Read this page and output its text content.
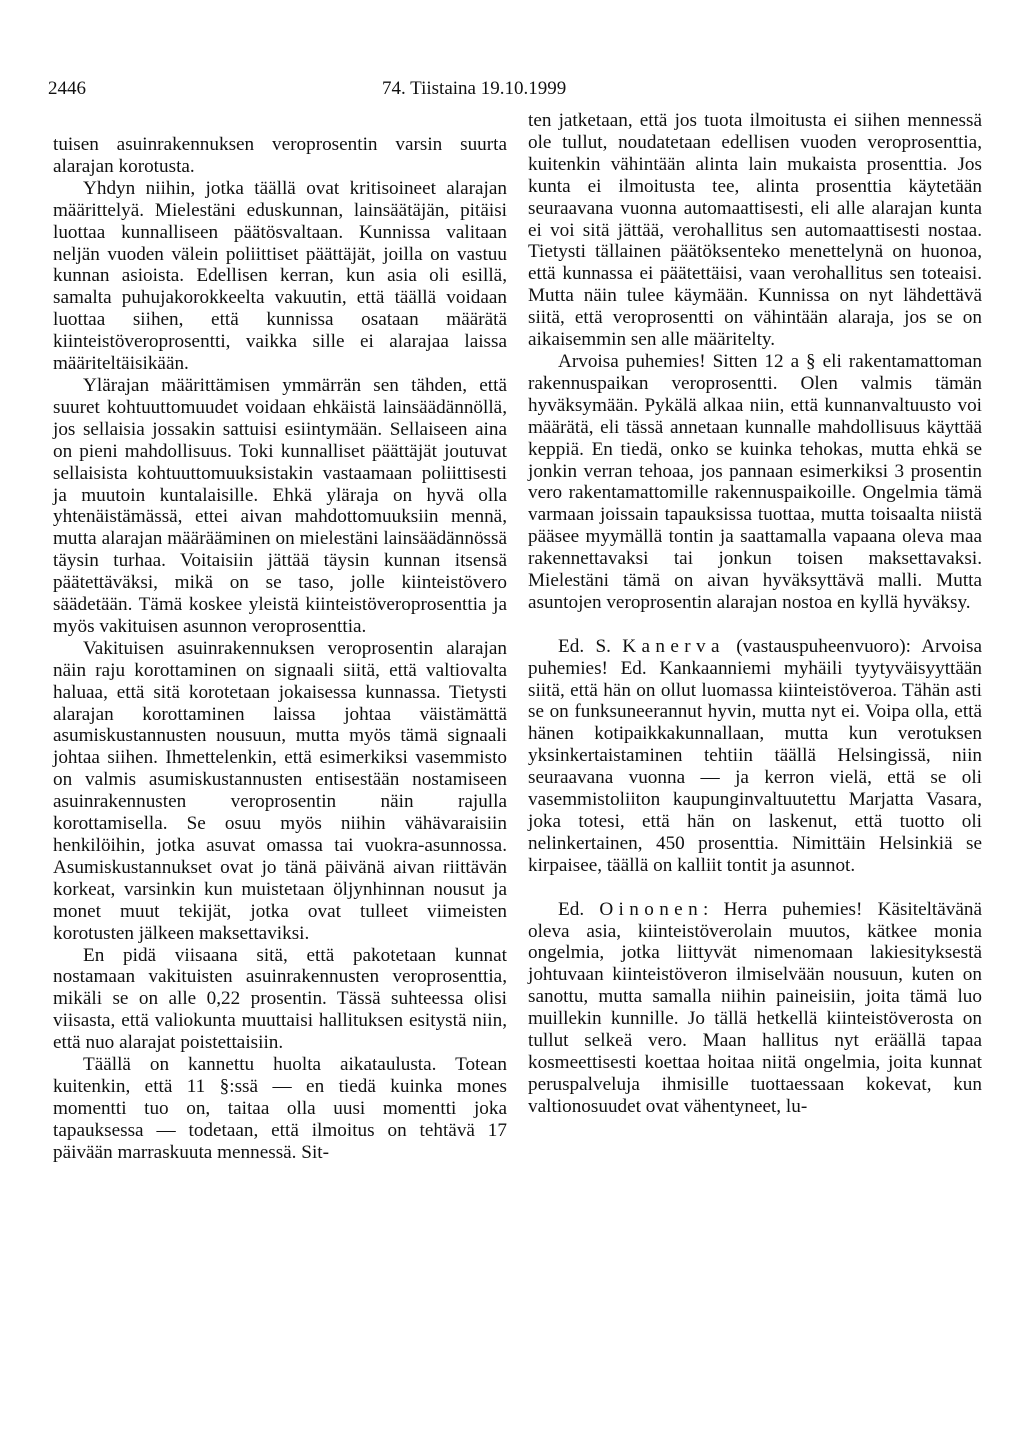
2446	74. Tiistaina 19.10.1999

tuisen asuinrakennuksen veroprosentin varsin suurta alarajan korotusta.

Yhdyn niihin, jotka täällä ovat kritisoineet alarajan määrittelyä. Mielestäni eduskunnan, lainsäätäjän, pitäisi luottaa kunnalliseen päätösvaltaan. Kunnissa valitaan neljän vuoden välein poliittiset päättäjät, joilla on vastuu kunnan asioista. Edellisen kerran, kun asia oli esillä, samalta puhujakorokkeelta vakuutin, että täällä voidaan luottaa siihen, että kunnissa osataan määrätä kiinteistöveroprosentti, vaikka sille ei alarajaa laissa määriteltäisikään.

Ylärajan määrittämisen ymmärrän sen tähden, että suuret kohtuuttomuudet voidaan ehkäistä lainsäädännöllä, jos sellaisia jossakin sattuisi esiintymään. Sellaiseen aina on pieni mahdollisuus. Toki kunnalliset päättäjät joutuvat sellaisista kohtuuttomuuksistakin vastaamaan poliittisesti ja muutoin kuntalaisille. Ehkä yläraja on hyvä olla yhtenäistämässä, ettei aivan mahdottomuuksiin mennä, mutta alarajan määrääminen on mielestäni lainsäädännössä täysin turhaa. Voitaisiin jättää täysin kunnan itsensä päätettäväksi, mikä on se taso, jolle kiinteistövero säädetään. Tämä koskee yleistä kiinteistöveroprosenttia ja myös vakituisen asunnon veroprosenttia.

Vakituisen asuinrakennuksen veroprosentin alarajan näin raju korottaminen on signaali siitä, että valtiovalta haluaa, että sitä korotetaan jokaisessa kunnassa. Tietysti alarajan korottaminen laissa johtaa väistämättä asumiskustannusten nousuun, mutta myös tämä signaali johtaa siihen. Ihmettelenkin, että esimerkiksi vasemmisto on valmis asumiskustannusten entisestään nostamiseen asuinrakennusten veroprosentin näin rajulla korottamisella. Se osuu myös niihin vähävaraisiin henkilöihin, jotka asuvat omassa tai vuokra-asunnossa. Asumiskustannukset ovat jo tänä päivänä aivan riittävän korkeat, varsinkin kun muistetaan öljynhinnan nousut ja monet muut tekijät, jotka ovat tulleet viimeisten korotusten jälkeen maksettaviksi.

En pidä viisaana sitä, että pakotetaan kunnat nostamaan vakituisten asuinrakennusten veroprosenttia, mikäli se on alle 0,22 prosentin. Tässä suhteessa olisi viisasta, että valiokunta muuttaisi hallituksen esitystä niin, että nuo alarajat poistettaisiin.

Täällä on kannettu huolta aikataulusta. Totean kuitenkin, että 11 §:ssä — en tiedä kuinka mones momentti tuo on, taitaa olla uusi momentti joka tapauksessa — todetaan, että ilmoitus on tehtävä 17 päivään marraskuuta mennessä. Sit-

ten jatketaan, että jos tuota ilmoitusta ei siihen mennessä ole tullut, noudatetaan edellisen vuoden veroprosenttia, kuitenkin vähintään alinta lain mukaista prosenttia. Jos kunta ei ilmoitusta tee, alinta prosenttia käytetään seuraavana vuonna automaattisesti, eli alle alarajan kunta ei voi sitä jättää, verohallitus sen automaattisesti nostaa. Tietysti tällainen päätöksenteko menettelynä on huonoa, että kunnassa ei päätettäisi, vaan verohallitus sen toteaisi. Mutta näin tulee käymään. Kunnissa on nyt lähdettävä siitä, että veroprosentti on vähintään alaraja, jos se on aikaisemmin sen alle määritelty.

Arvoisa puhemies! Sitten 12 a § eli rakentamattoman rakennuspaikan veroprosentti. Olen valmis tämän hyväksymään. Pykälä alkaa niin, että kunnanvaltuusto voi määrätä, eli tässä annetaan kunnalle mahdollisuus käyttää keppiä. En tiedä, onko se kuinka tehokas, mutta ehkä se jonkin verran tehoaa, jos pannaan esimerkiksi 3 prosentin vero rakentamattomille rakennuspaikoille. Ongelmia tämä varmaan joissain tapauksissa tuottaa, mutta toisaalta niistä pääsee myymällä tontin ja saattamalla vapaana oleva maa rakennettavaksi tai jonkun toisen maksettavaksi. Mielestäni tämä on aivan hyväksyttävä malli. Mutta asuntojen veroprosentin alarajan nostoa en kyllä hyväksy.

Ed. S. Kanerva (vastauspuheenvuoro): Arvoisa puhemies! Ed. Kankaanniemi myhäili tyytyväisyyttään siitä, että hän on ollut luomassa kiinteistöveroa. Tähän asti se on funksuneerannut hyvin, mutta nyt ei. Voipa olla, että hänen kotipaikkakunnallaan, mutta kun verotuksen yksinkertaistaminen tehtiin täällä Helsingissä, niin seuraavana vuonna — ja kerron vielä, että se oli vasemmistoliiton kaupunginvaltuutettu Marjatta Vasara, joka totesi, että hän on laskenut, että tuotto oli nelinkertainen, 450 prosenttia. Nimittäin Helsinkiä se kirpaisee, täällä on kalliit tontit ja asunnot.

Ed. Oinonen: Herra puhemies! Käsiteltävänä oleva asia, kiinteistöverolain muutos, kätkee monia ongelmia, jotka liittyvät nimenomaan lakiesityksestä johtuvaan kiinteistöveron ilmiselvään nousuun, kuten on sanottu, mutta samalla niihin paineisiin, joita tämä luo muillekin kunnille. Jo tällä hetkellä kiinteistöverosta on tullut selkeä vero. Maan hallitus nyt eräällä tapaa kosmeettisesti koettaa hoitaa niitä ongelmia, joita kunnat peruspalveluja ihmisille tuottaessaan kokevat, kun valtionosuudet ovat vähentyneet, lu-
